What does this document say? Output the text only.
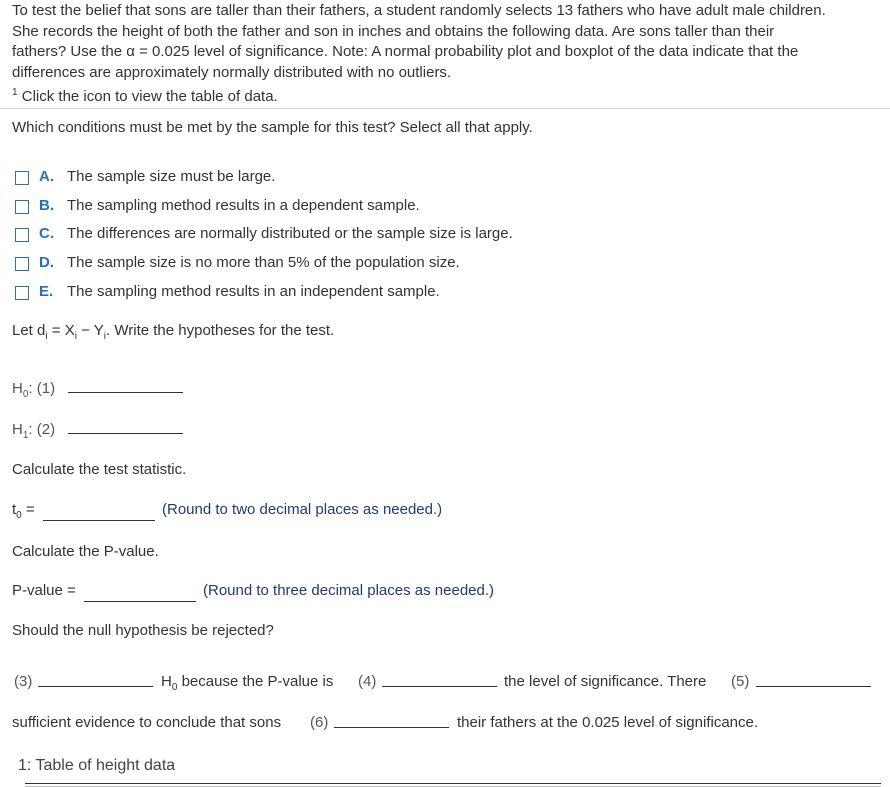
To test the belief that sons are taller than their fathers, a student randomly selects 13 fathers who have adult male children.
She records the height of both the father and son in inches and obtains the following data. Are sons taller than their
fathers? Use the α = 0.025 level of significance. Note: A normal probability plot and boxplot of the data indicate that the
differences are approximately normally distributed with no outliers.
$^1$ Click the icon to view the table of data.
Which conditions must be met by the sample for this test? Select all that apply.
A. The sample size must be large.
B. The sampling method results in a dependent sample.
C. The differences are normally distributed or the sample size is large.
D. The sample size is no more than 5% of the population size.
E. The sampling method results in an independent sample.
Let $d_i = X_i - Y_i$. Write the hypotheses for the test.
$H_0$: (1)
$H_1$: (2)
Calculate the test statistic.
$t_0$ =	(Round to two decimal places as needed.)
Calculate the P-value.
P-value =	(Round to three decimal places as needed.)
Should the null hypothesis be rejected?
(3)	$H_0$ because the P-value is (4)	the level of significance. There (5)
sufficient evidence to conclude that sons (6)	their fathers at the 0.025 level of significance.
1: Table of height data
